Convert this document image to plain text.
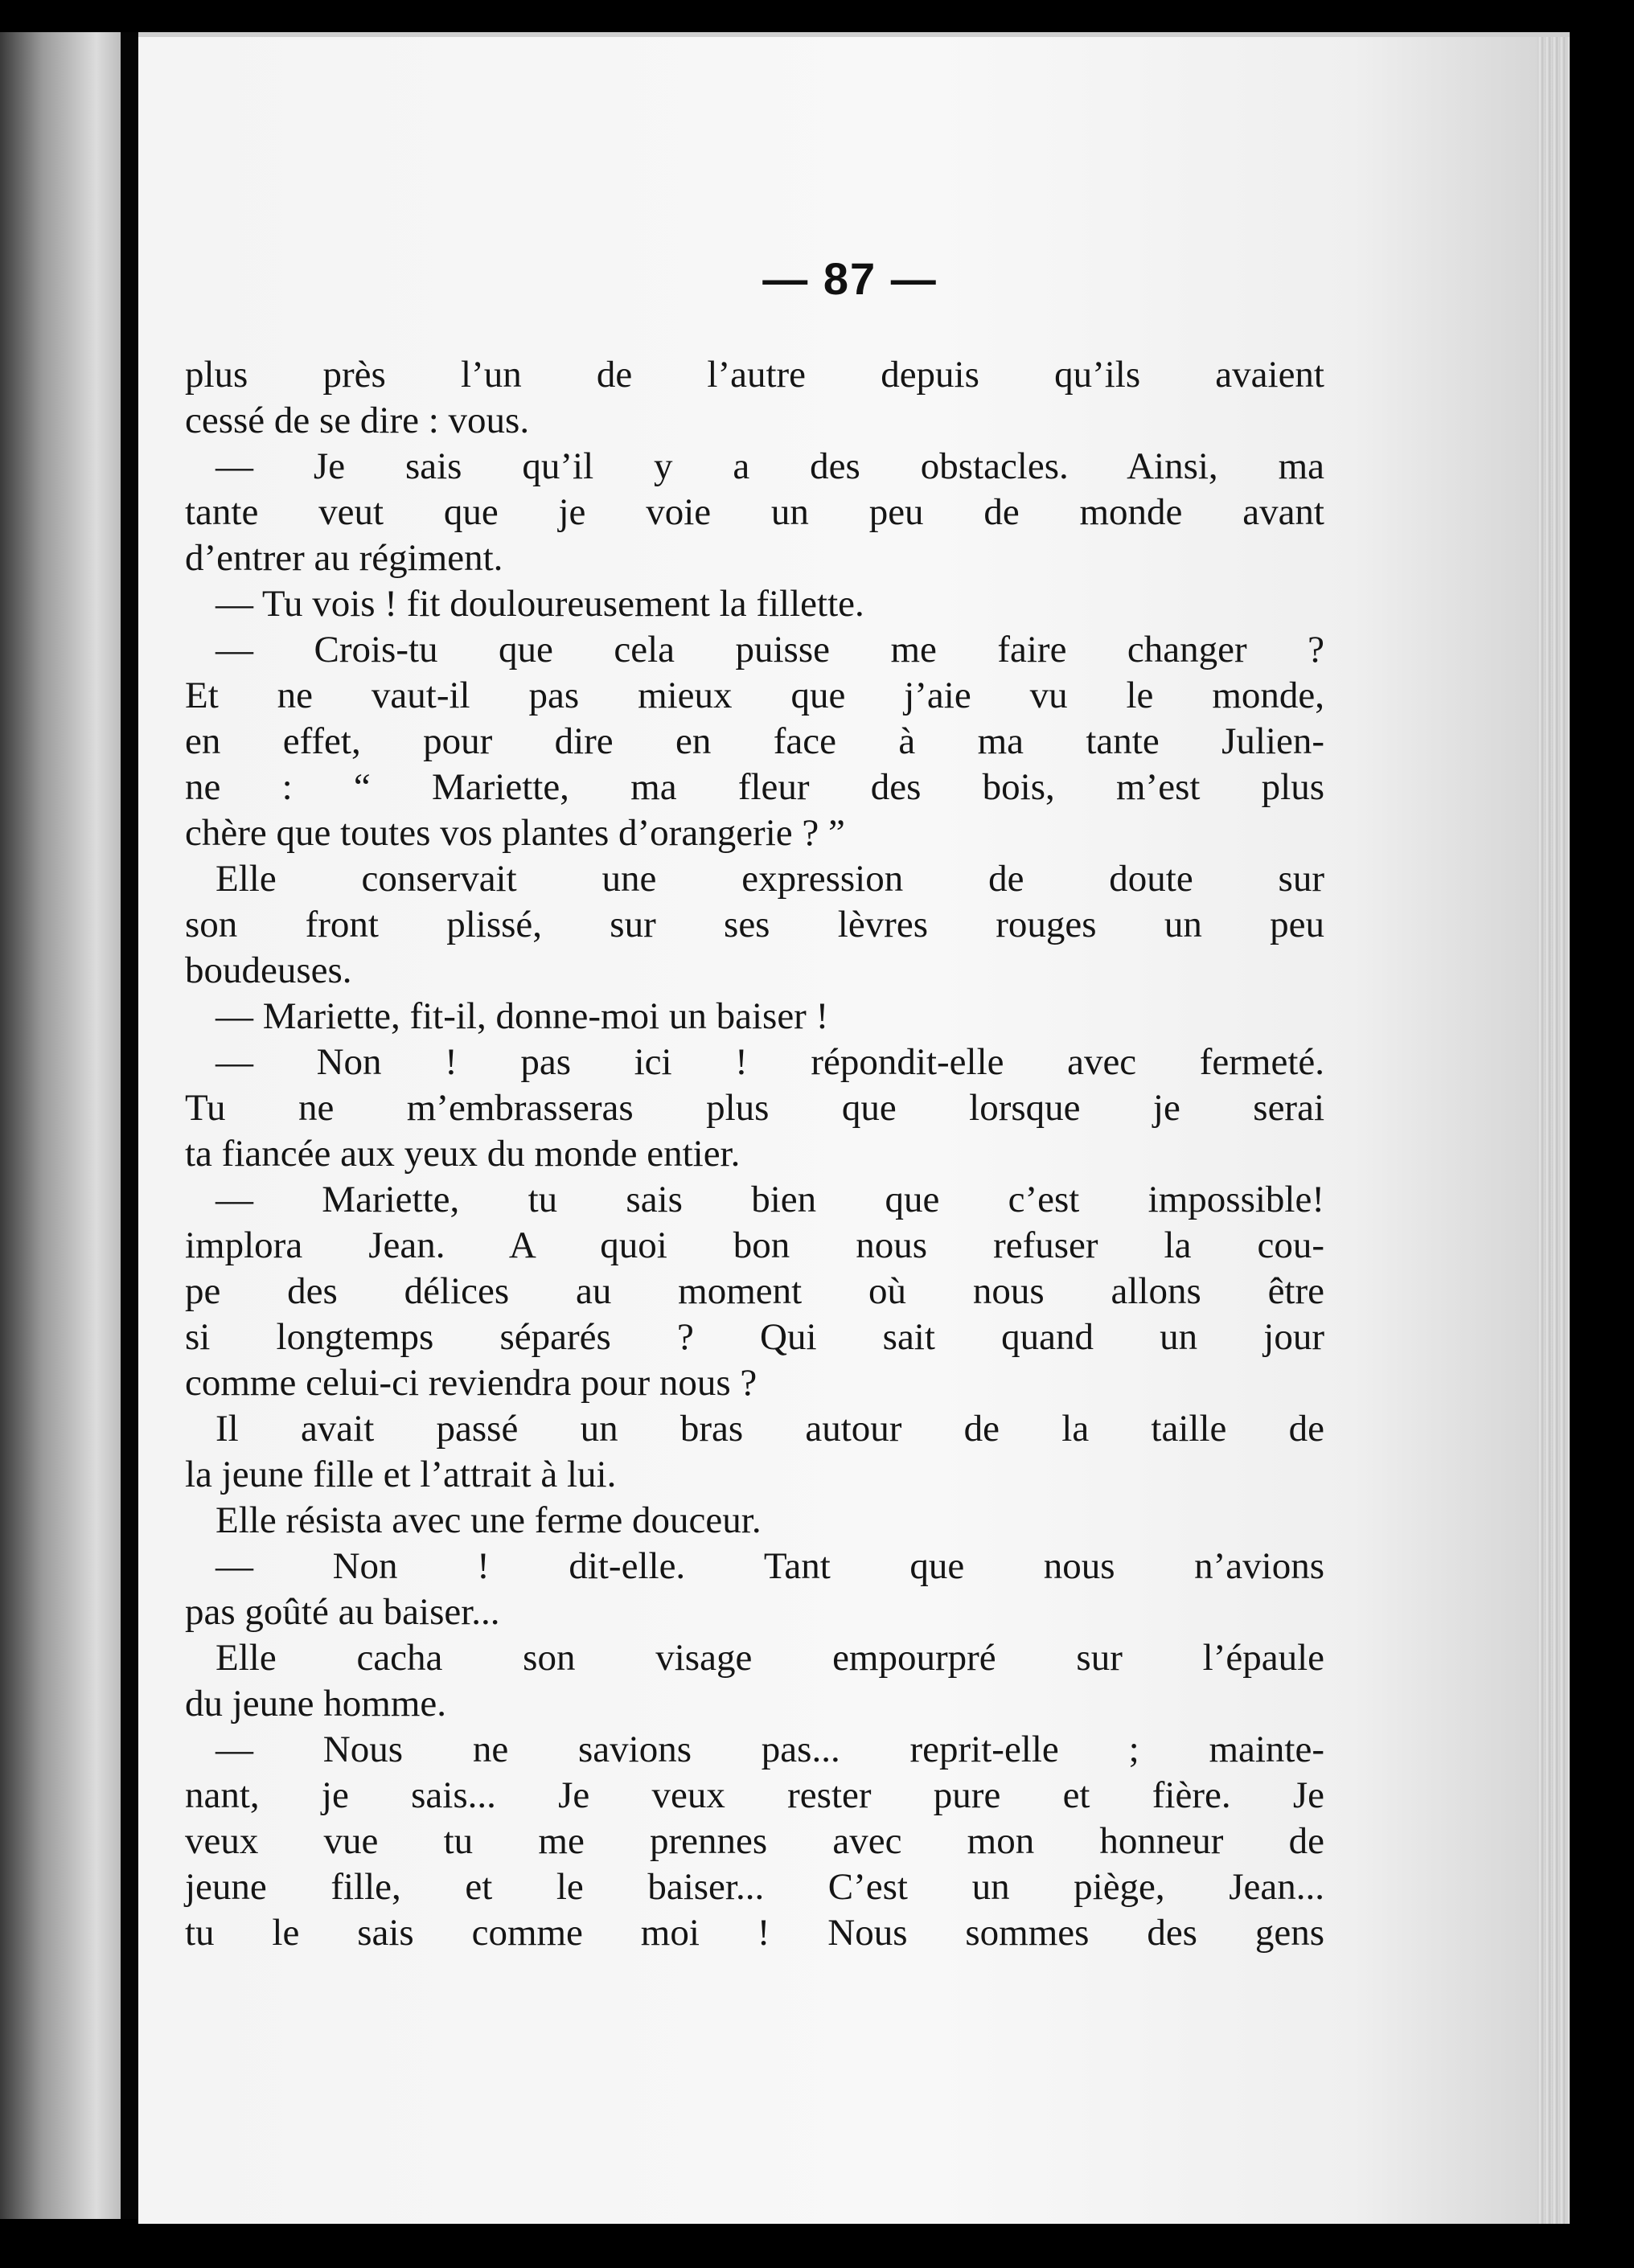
— 87 —
plus près l’un de l’autre depuis qu’ils avaient
cessé de se dire : vous.
— Je sais qu’il y a des obstacles. Ainsi, ma
tante veut que je voie un peu de monde avant
d’entrer au régiment.
— Tu vois ! fit douloureusement la fillette.
— Crois-tu que cela puisse me faire changer ?
Et ne vaut-il pas mieux que j’aie vu le monde,
en effet, pour dire en face à ma tante Julien-
ne : “ Mariette, ma fleur des bois, m’est plus
chère que toutes vos plantes d’orangerie ? ”
Elle conservait une expression de doute sur
son front plissé, sur ses lèvres rouges un peu
boudeuses.
— Mariette, fit-il, donne-moi un baiser !
— Non ! pas ici ! répondit-elle avec fermeté.
Tu ne m’embrasseras plus que lorsque je serai
ta fiancée aux yeux du monde entier.
— Mariette, tu sais bien que c’est impossible!
implora Jean. A quoi bon nous refuser la cou-
pe des délices au moment où nous allons être
si longtemps séparés ? Qui sait quand un jour
comme celui-ci reviendra pour nous ?
Il avait passé un bras autour de la taille de
la jeune fille et l’attrait à lui.
Elle résista avec une ferme douceur.
— Non ! dit-elle. Tant que nous n’avions
pas goûté au baiser...
Elle cacha son visage empourpré sur l’épaule
du jeune homme.
— Nous ne savions pas... reprit-elle ; mainte-
nant, je sais... Je veux rester pure et fière. Je
veux vue tu me prennes avec mon honneur de
jeune fille, et le baiser... C’est un piège, Jean...
tu le sais comme moi ! Nous sommes des gens
